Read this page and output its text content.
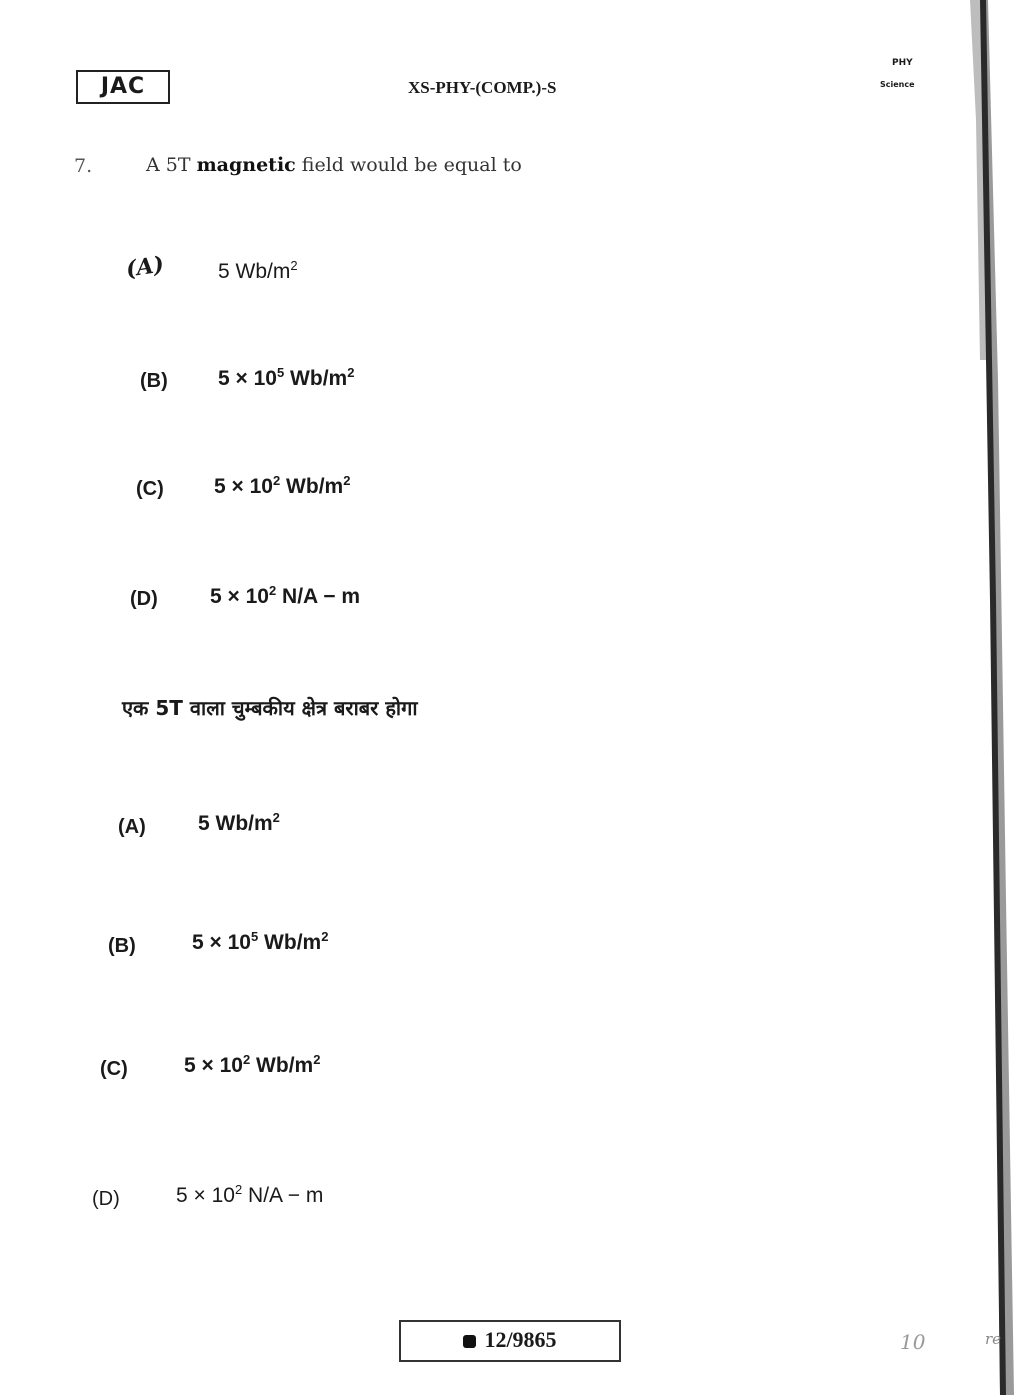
JAC	XS-PHY-(COMP.)-S
PHY
Science
7.	A 5T magnetic field would be equal to
(A) 5 $Wb/m^2$
(B) $5 \times 10^5$ $Wb/m^2$
(C) $5 \times 10^2$ $Wb/m^2$
(D) $5 \times 10^2$ N/A − m
एक 5T वाला चुम्बकीय क्षेत्र बराबर होगा
(A) 5 $Wb/m^2$
(B)	$5 \times 10^5$ $Wb/m^2$
(C)	$5 \times 10^2$ $Wb/m^2$
(D)	$5 \times 10^2$ N/A − m
12/9865	10	re
